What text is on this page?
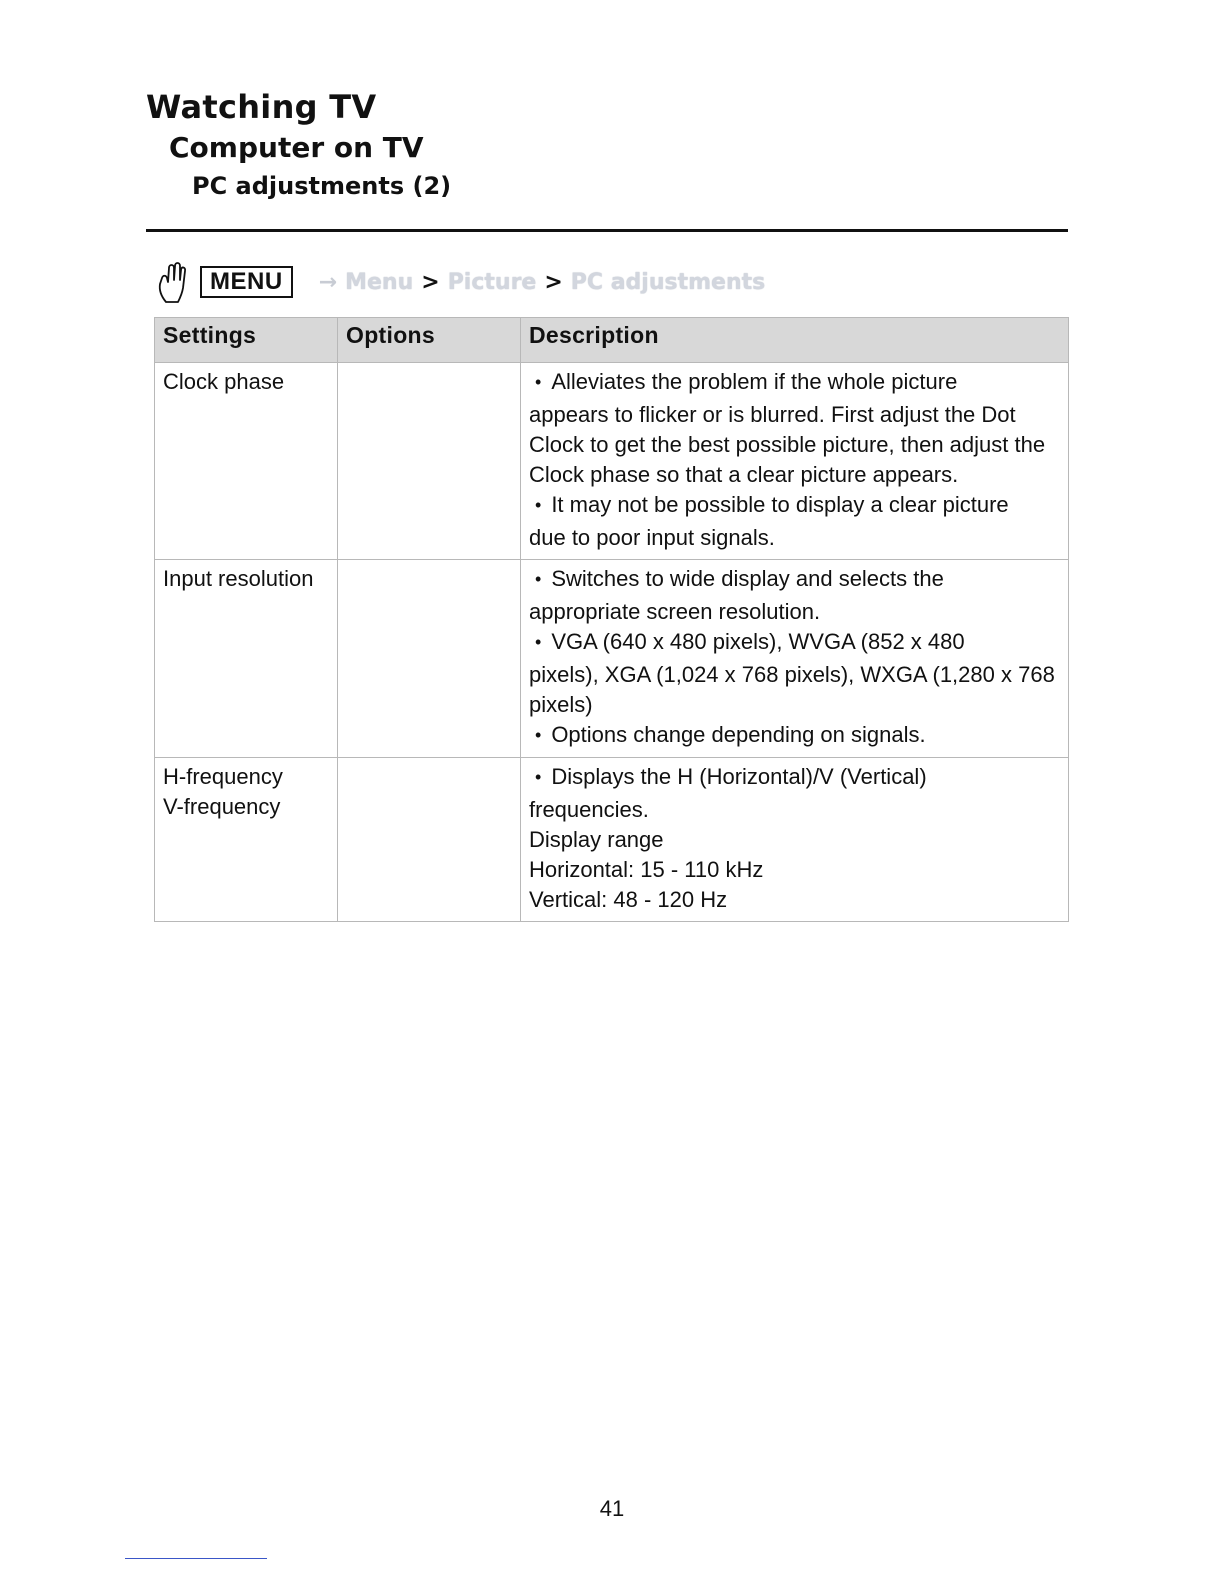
Watching TV
Computer on TV
PC adjustments (2)
MENU	→ Menu > Picture > PC adjustments
Settings	Options	Description
Clock phase		• Alleviates the problem if the whole picture
appears to flicker or is blurred. First adjust the Dot Clock to get the best possible picture, then adjust the Clock phase so that a clear picture appears.
• It may not be possible to display a clear picture
due to poor input signals.

Input resolution		• Switches to wide display and selects the
appropriate screen resolution.
• VGA (640 x 480 pixels), WVGA (852 x 480
pixels), XGA (1,024 x 768 pixels), WXGA (1,280 x 768 pixels)
• Options change depending on signals.

H-frequency
V-frequency		• Displays the H (Horizontal)/V (Vertical)
frequencies.
Display range
Horizontal: 15 - 110 kHz
Vertical: 48 - 120 Hz
41
